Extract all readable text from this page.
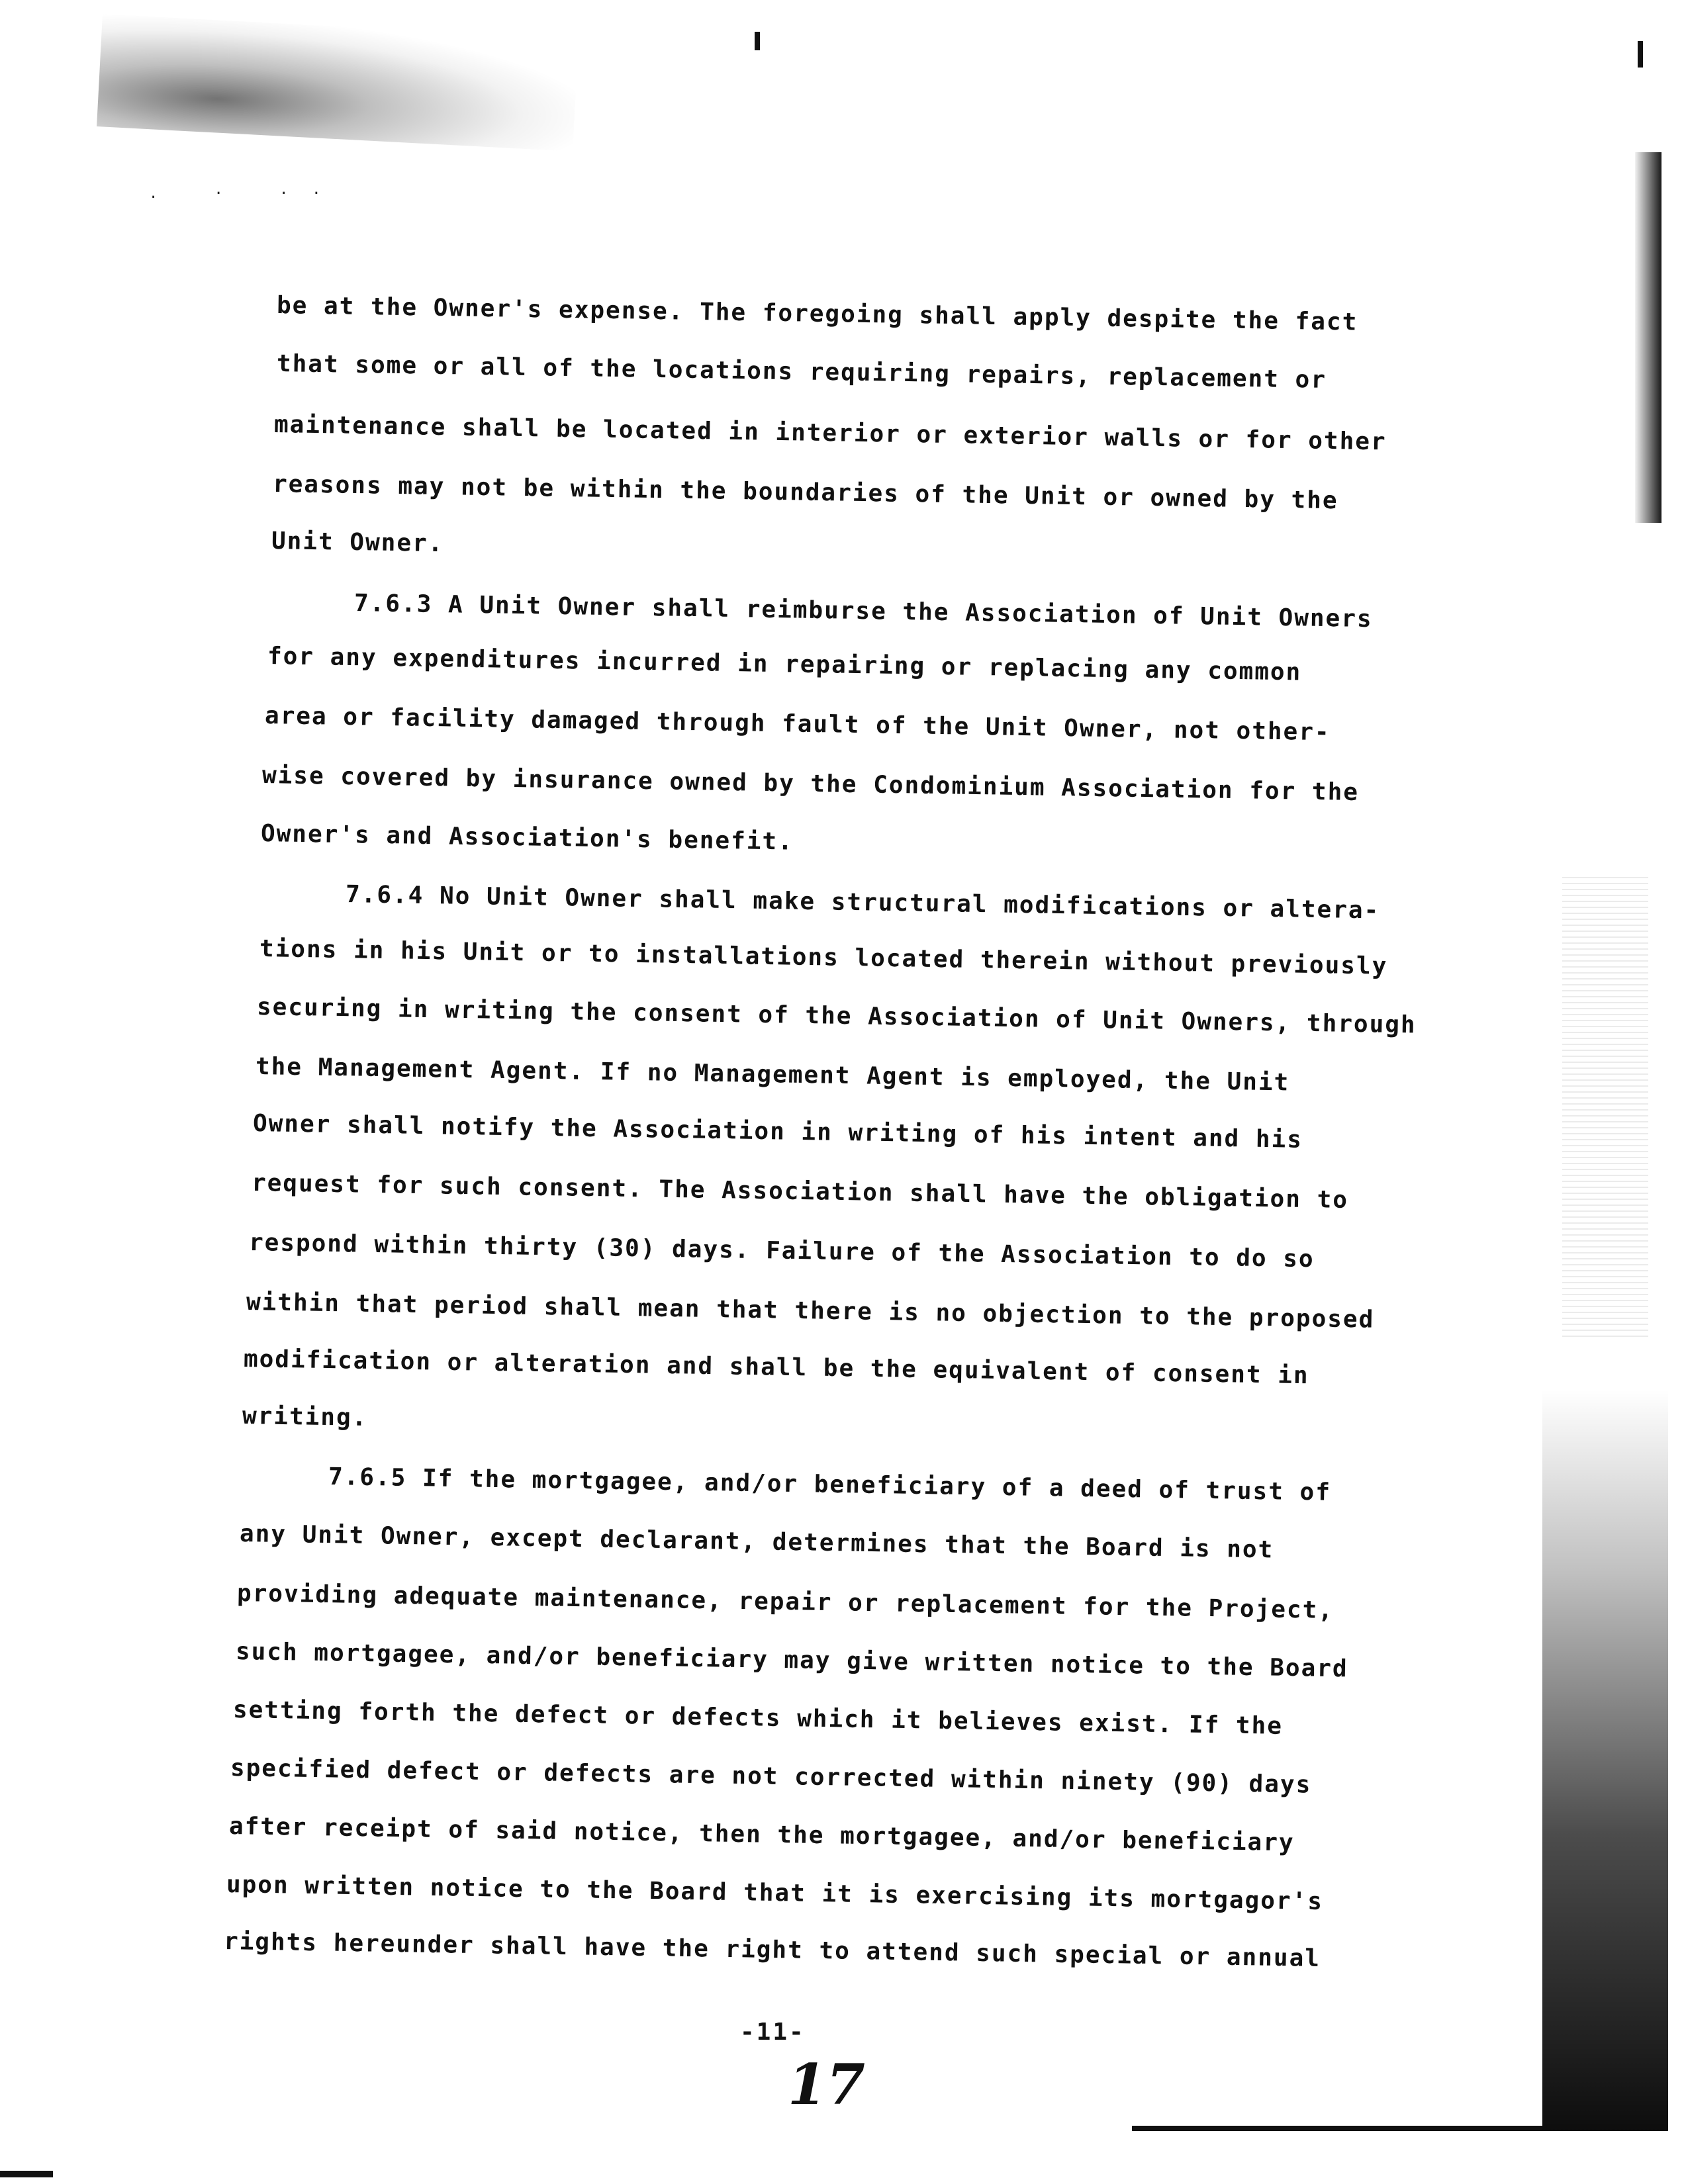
. · ··

be at the Owner's expense. The foregoing shall apply despite the fact

that some or all of the locations requiring repairs, replacement or

maintenance shall be located in interior or exterior walls or for other

reasons may not be within the boundaries of the Unit or owned by the

Unit Owner.

7.6.3 A Unit Owner shall reimburse the Association of Unit Owners

for any expenditures incurred in repairing or replacing any common

area or facility damaged through fault of the Unit Owner, not other-

wise covered by insurance owned by the Condominium Association for the

Owner's and Association's benefit.

7.6.4 No Unit Owner shall make structural modifications or altera-

tions in his Unit or to installations located therein without previously

securing in writing the consent of the Association of Unit Owners, through

the Management Agent. If no Management Agent is employed, the Unit

Owner shall notify the Association in writing of his intent and his

request for such consent. The Association shall have the obligation to

respond within thirty (30) days. Failure of the Association to do so

within that period shall mean that there is no objection to the proposed

modification or alteration and shall be the equivalent of consent in

writing.

7.6.5 If the mortgagee, and/or beneficiary of a deed of trust of

any Unit Owner, except declarant, determines that the Board is not

providing adequate maintenance, repair or replacement for the Project,

such mortgagee, and/or beneficiary may give written notice to the Board

setting forth the defect or defects which it believes exist. If the

specified defect or defects are not corrected within ninety (90) days

after receipt of said notice, then the mortgagee, and/or beneficiary

upon written notice to the Board that it is exercising its mortgagor's

rights hereunder shall have the right to attend such special or annual

-11-

17
